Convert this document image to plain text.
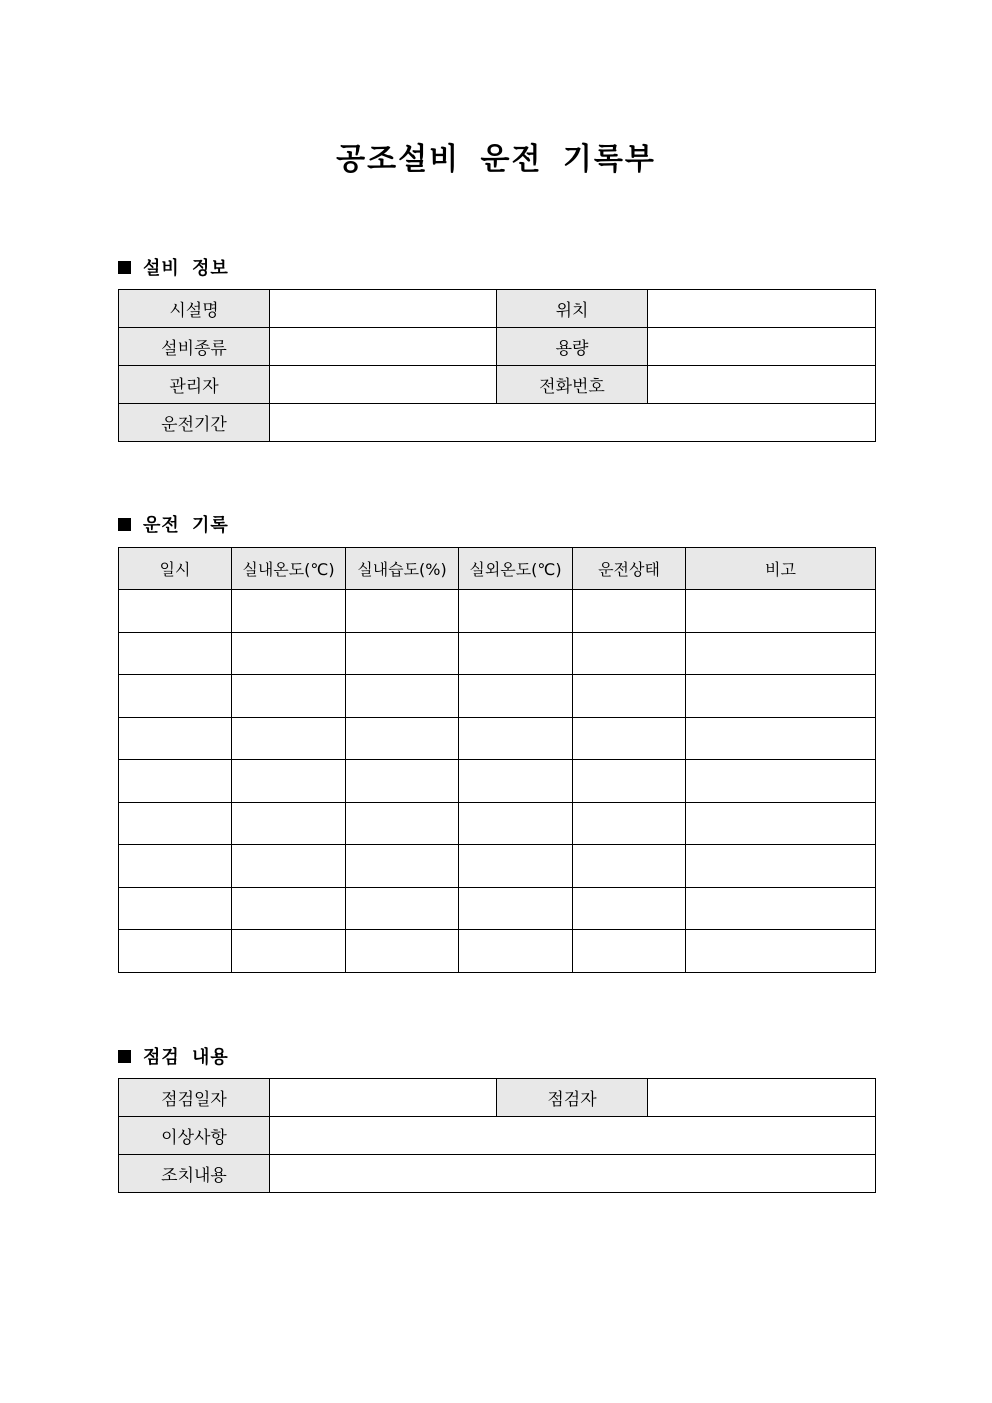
공조설비 운전 기록부
설비 정보
시설명		위치	
설비종류		용량	
관리자		전화번호	
운전기간			
운전 기록
일시	실내온도(℃)	실내습도(%)	실외온도(℃)	운전상태	비고

점검 내용
점검일자		점검자	
이상사항			
조치내용			
